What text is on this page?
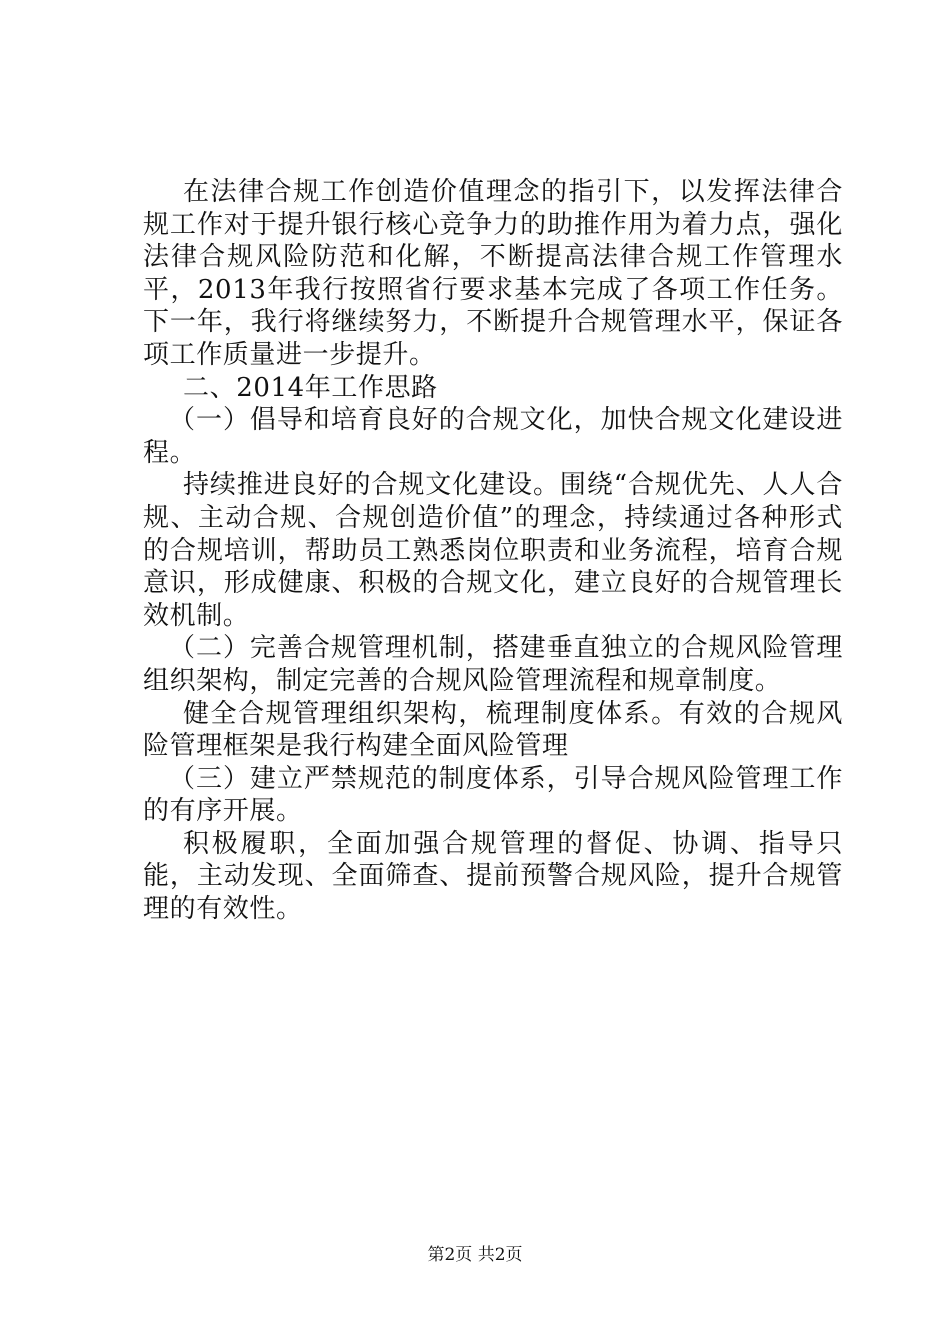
在法律合规工作创造价值理念的指引下，以发挥法律合规工作对于提升银行核心竞争力的助推作用为着力点，强化法律合规风险防范和化解，不断提高法律合规工作管理水平，2013年我行按照省行要求基本完成了各项工作任务。下一年，我行将继续努力，不断提升合规管理水平，保证各项工作质量进一步提升。

二、2014年工作思路

（一）倡导和培育良好的合规文化，加快合规文化建设进程。

持续推进良好的合规文化建设。围绕“合规优先、人人合规、主动合规、合规创造价值”的理念，持续通过各种形式的合规培训，帮助员工熟悉岗位职责和业务流程，培育合规意识，形成健康、积极的合规文化，建立良好的合规管理长效机制。

（二）完善合规管理机制，搭建垂直独立的合规风险管理组织架构，制定完善的合规风险管理流程和规章制度。

健全合规管理组织架构，梳理制度体系。有效的合规风险管理框架是我行构建全面风险管理

（三）建立严禁规范的制度体系，引导合规风险管理工作的有序开展。

积极履职，全面加强合规管理的督促、协调、指导只能，主动发现、全面筛查、提前预警合规风险，提升合规管理的有效性。

第2页 共2页
